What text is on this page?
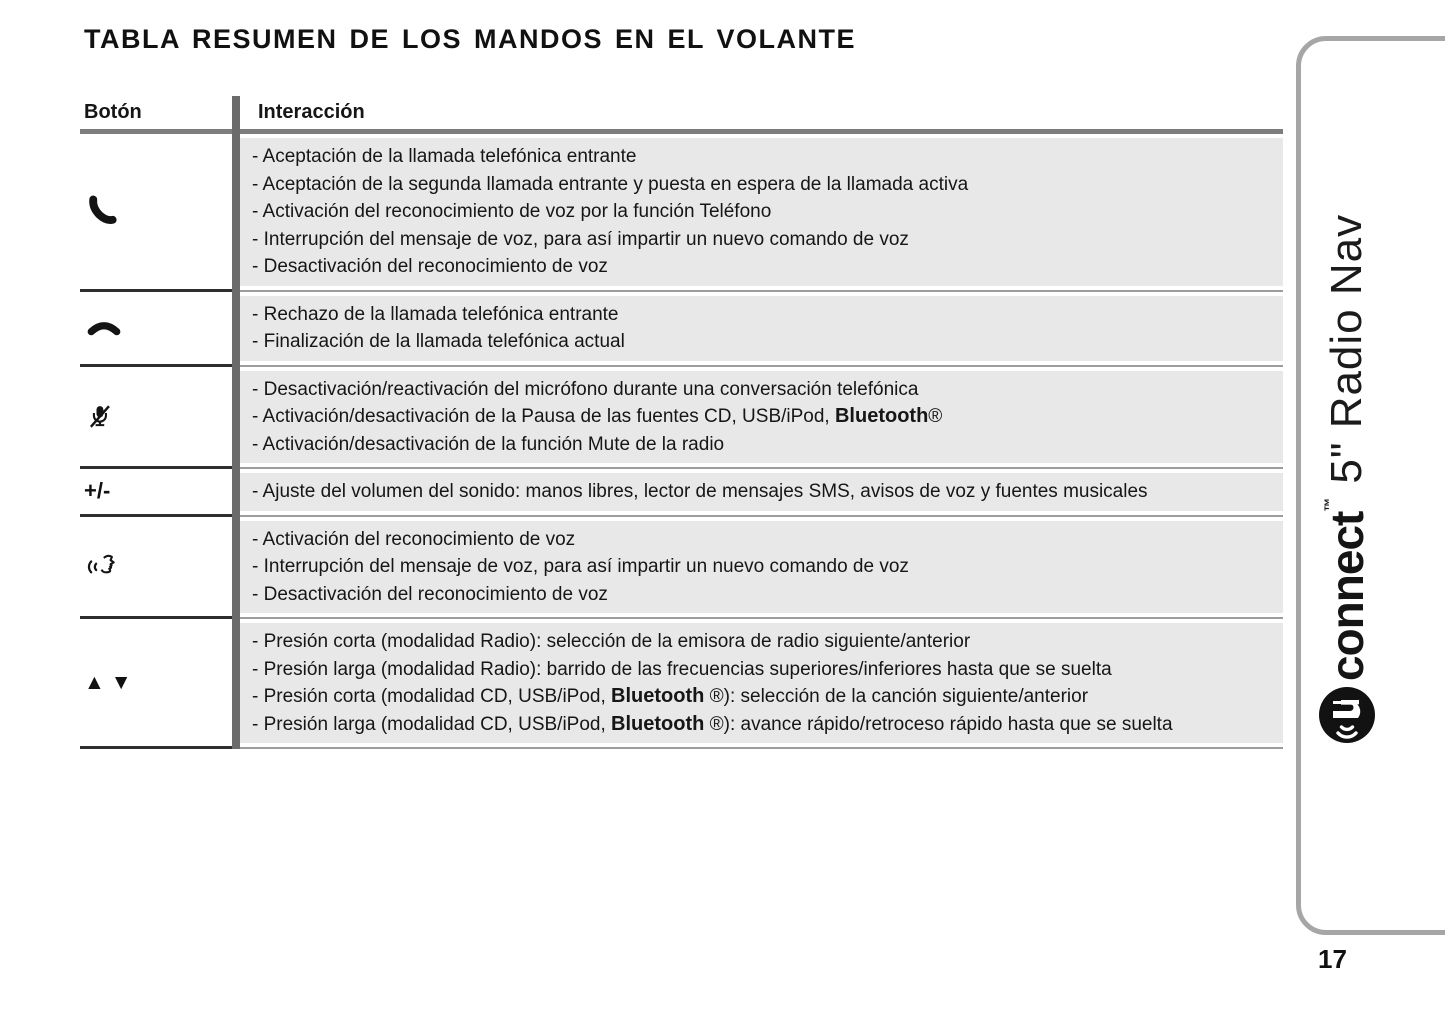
TABLA RESUMEN DE LOS MANDOS EN EL VOLANTE
Botón	Interacción
- Aceptación de la llamada telefónica entrante
- Aceptación de la segunda llamada entrante y puesta en espera de la llamada activa
- Activación del reconocimiento de voz por la función Teléfono
- Interrupción del mensaje de voz, para así impartir un nuevo comando de voz
- Desactivación del reconocimiento de voz
- Rechazo de la llamada telefónica entrante
- Finalización de la llamada telefónica actual
- Desactivación/reactivación del micrófono durante una conversación telefónica
- Activación/desactivación de la Pausa de las fuentes CD, USB/iPod, Bluetooth®
- Activación/desactivación de la función Mute de la radio
+/-	- Ajuste del volumen del sonido: manos libres, lector de mensajes SMS, avisos de voz y fuentes musicales
- Activación del reconocimiento de voz
- Interrupción del mensaje de voz, para así impartir un nuevo comando de voz
- Desactivación del reconocimiento de voz
▲▼
- Presión corta (modalidad Radio): selección de la emisora de radio siguiente/anterior
- Presión larga (modalidad Radio): barrido de las frecuencias superiores/inferiores hasta que se suelta
- Presión corta (modalidad CD, USB/iPod, Bluetooth ®): selección de la canción siguiente/anterior
- Presión larga (modalidad CD, USB/iPod, Bluetooth ®): avance rápido/retroceso rápido hasta que se suelta
u
connect
™
5" Radio Nav
17
